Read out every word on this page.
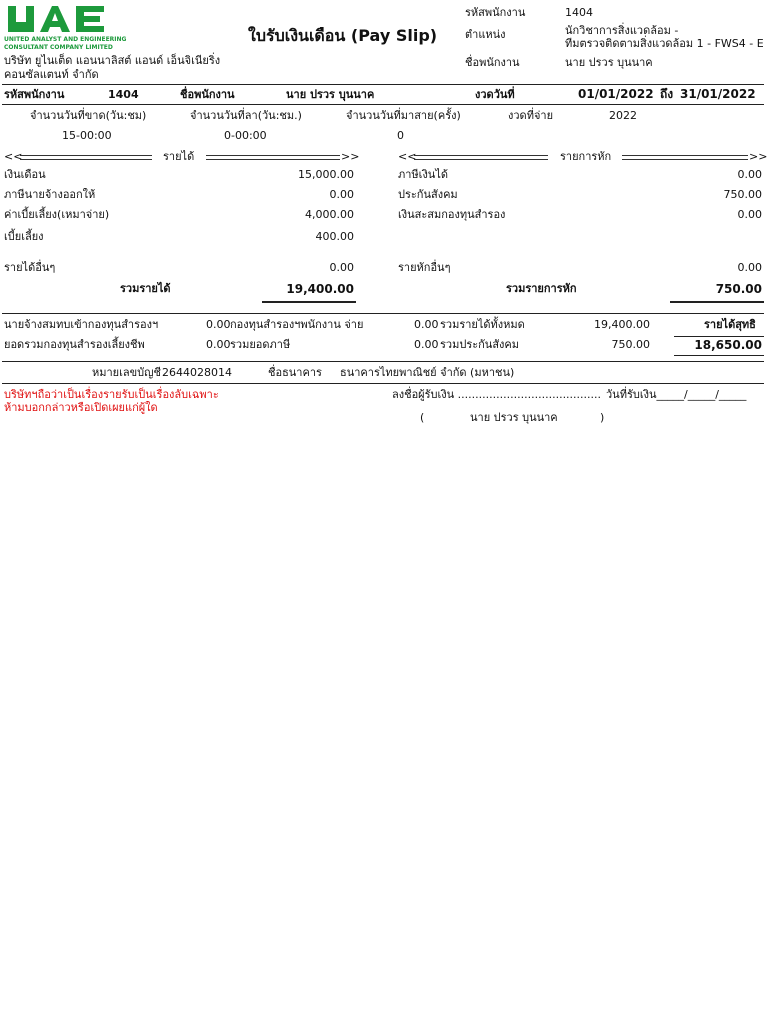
UNITED ANALYST AND ENGINEERING
CONSULTANT COMPANY LIMITED
บริษัท ยูไนเต็ด แอนนาลิสต์ แอนด์ เอ็นจิเนียริ่ง
คอนซัลแตนท์ จำกัด
ใบรับเงินเดือน (Pay Slip)
รหัสพนักงาน	1404
ตำแหน่ง	นักวิชาการสิ่งแวดล้อม -
ทีมตรวจติดตามสิ่งแวดล้อม 1 - FWS4 - E
ชื่อพนักงาน	นาย ปรวร บุนนาค
รหัสพนักงาน	1404	ชื่อพนักงาน	นาย ปรวร บุนนาค	งวดวันที่	01/01/2022 ถึง 31/01/2022
จำนวนวันที่ขาด(วัน:ชม)
15-00:00
จำนวนวันที่ลา(วัน:ชม.)
0-00:00
จำนวนวันที่มาสาย(ครั้ง)
0
งวดที่จ่าย	2022
<<	รายได้	>>	<<	รายการหัก	>>
เงินเดือน	15,000.00
ภาษีนายจ้างออกให้	0.00
ค่าเบี้ยเลี้ยง(เหมาจ่าย)	4,000.00
เบี้ยเลี้ยง	400.00
ภาษีเงินได้	0.00
ประกันสังคม	750.00
เงินสะสมกองทุนสำรอง	0.00
รายได้อื่นๆ	0.00	รายหักอื่นๆ	0.00
รวมรายได้	19,400.00	รวมรายการหัก	750.00
นายจ้างสมทบเข้ากองทุนสำรองฯ	0.00 กองทุนสำรองฯพนักงาน จ่าย	0.00 รวมรายได้ทั้งหมด	19,400.00	รายได้สุทธิ
ยอดรวมกองทุนสำรองเลี้ยงชีพ	0.00 รวมยอดภาษี	0.00 รวมประกันสังคม	750.00	18,650.00
หมายเลขบัญชี 2644028014	ชื่อธนาคาร ธนาคารไทยพาณิชย์ จำกัด (มหาชน)
บริษัทฯถือว่าเป็นเรื่องรายรับเป็นเรื่องลับเฉพาะ
ห้ามบอกกล่าวหรือเปิดเผยแก่ผู้ใด
ลงชื่อผู้รับเงิน ......................................... วันที่รับเงิน_____/_____/_____
(	นาย ปรวร บุนนาค	)
